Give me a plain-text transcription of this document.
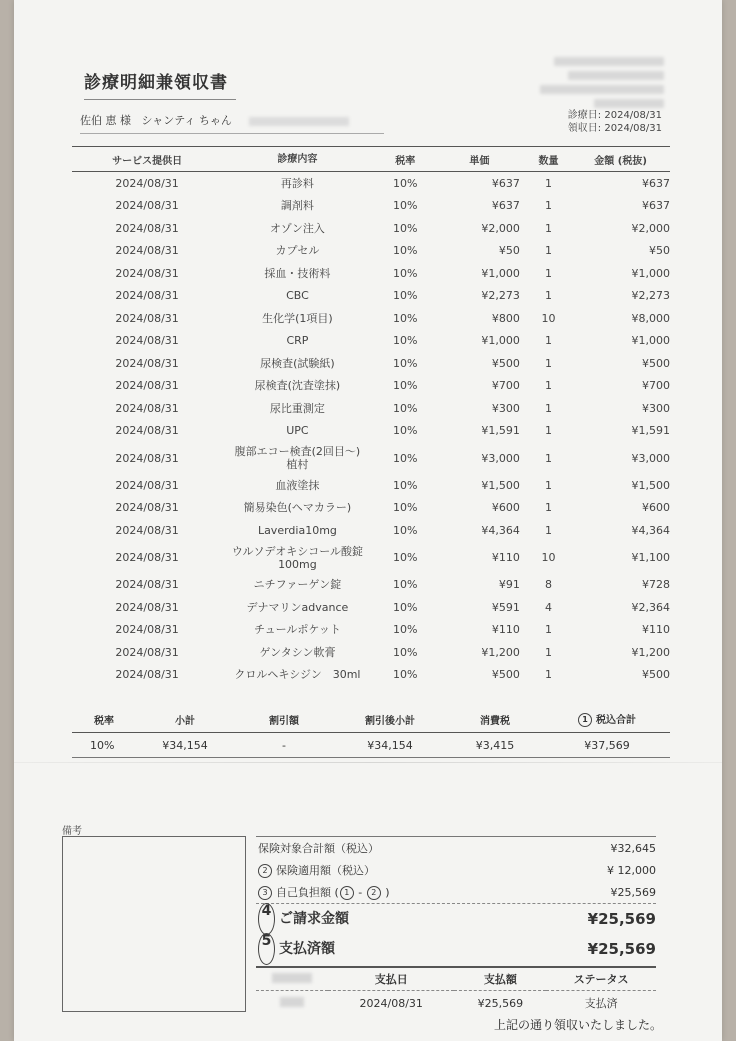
診療明細兼領収書
佐伯 恵 様 シャンティ ちゃん	診療日: 2024/08/31
領収日: 2024/08/31
サービス提供日	診療内容	税率	単価	数量	金額 (税抜)
2024/08/31	再診料	10%	¥637	1	¥637
2024/08/31	調剤料	10%	¥637	1	¥637
2024/08/31	オゾン注入	10%	¥2,000	1	¥2,000
2024/08/31	カプセル	10%	¥50	1	¥50
2024/08/31	採血・技術料	10%	¥1,000	1	¥1,000
2024/08/31	CBC	10%	¥2,273	1	¥2,273
2024/08/31	生化学(1項目)	10%	¥800	10	¥8,000
2024/08/31	CRP	10%	¥1,000	1	¥1,000
2024/08/31	尿検査(試験紙)	10%	¥500	1	¥500
2024/08/31	尿検査(沈査塗抹)	10%	¥700	1	¥700
2024/08/31	尿比重測定	10%	¥300	1	¥300
2024/08/31	UPC	10%	¥1,591	1	¥1,591
2024/08/31	腹部エコー検査(2回目〜)
植村	10%	¥3,000	1	¥3,000
2024/08/31	血液塗抹	10%	¥1,500	1	¥1,500
2024/08/31	簡易染色(ヘマカラー)	10%	¥600	1	¥600
2024/08/31	Laverdia10mg	10%	¥4,364	1	¥4,364
2024/08/31	ウルソデオキシコール酸錠
100mg	10%	¥110	10	¥1,100
2024/08/31	ニチファーゲン錠	10%	¥91	8	¥728
2024/08/31	デナマリンadvance	10%	¥591	4	¥2,364
2024/08/31	チュールポケット	10%	¥110	1	¥110
2024/08/31	ゲンタシン軟膏	10%	¥1,200	1	¥1,200
2024/08/31	クロルヘキシジン　30ml	10%	¥500	1	¥500
税率	小計	割引額	割引後小計	消費税	1 税込合計
10%	¥34,154	-	¥34,154	¥3,415	¥37,569
備考
保険対象合計額（税込）	¥32,645
2 保険適用額（税込）	¥ 12,000
3 自己負担額 ( 1 - 2 )	¥25,569
4 ご請求金額	¥25,569
5 支払済額	¥25,569
	支払日	支払額	ステータス
	2024/08/31	¥25,569	支払済
上記の通り領収いたしました。
